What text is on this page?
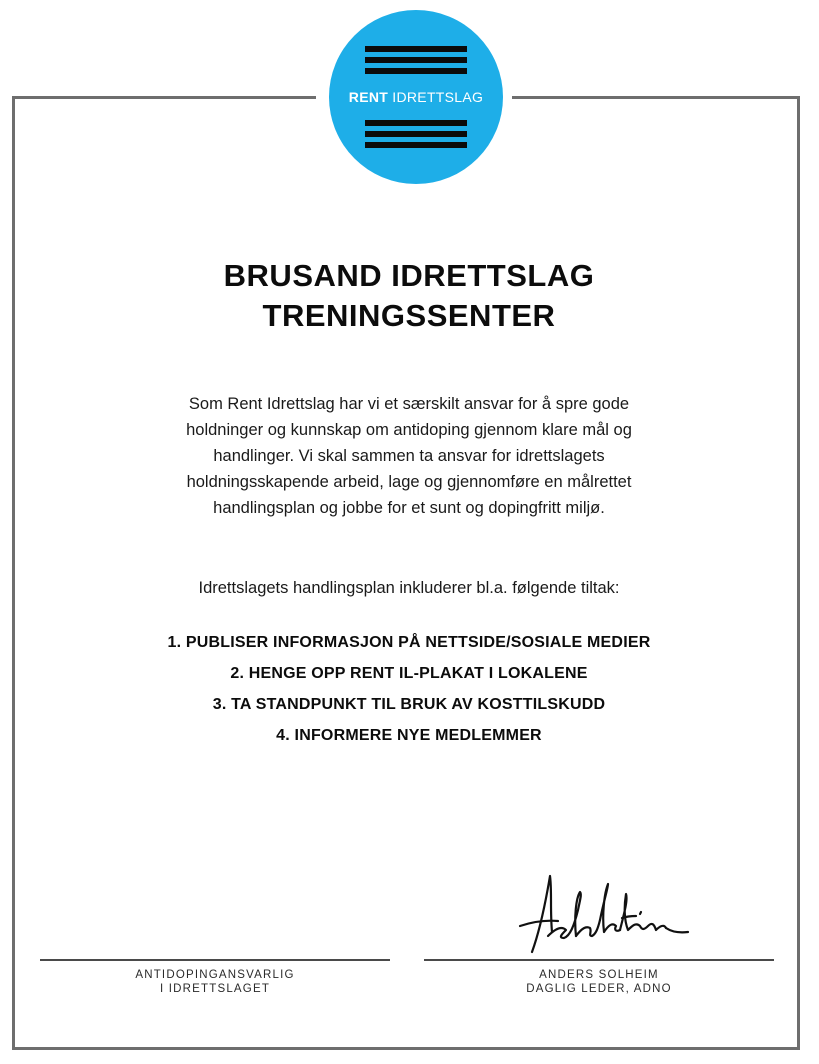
RENT IDRETTSLAG
BRUSAND IDRETTSLAG
TRENINGSSENTER
Som Rent Idrettslag har vi et særskilt ansvar for å spre gode
holdninger og kunnskap om antidoping gjennom klare mål og
handlinger. Vi skal sammen ta ansvar for idrettslagets
holdningsskapende arbeid, lage og gjennomføre en målrettet
handlingsplan og jobbe for et sunt og dopingfritt miljø.

Idrettslagets handlingsplan inkluderer bl.a. følgende tiltak:

1. PUBLISER INFORMASJON PÅ NETTSIDE/SOSIALE MEDIER
2. HENGE OPP RENT IL-PLAKAT I LOKALENE
3. TA STANDPUNKT TIL BRUK AV KOSTTILSKUDD
4. INFORMERE NYE MEDLEMMER

ANTIDOPINGANSVARLIG
I IDRETTSLAGET

ANDERS SOLHEIM
DAGLIG LEDER, ADNO
